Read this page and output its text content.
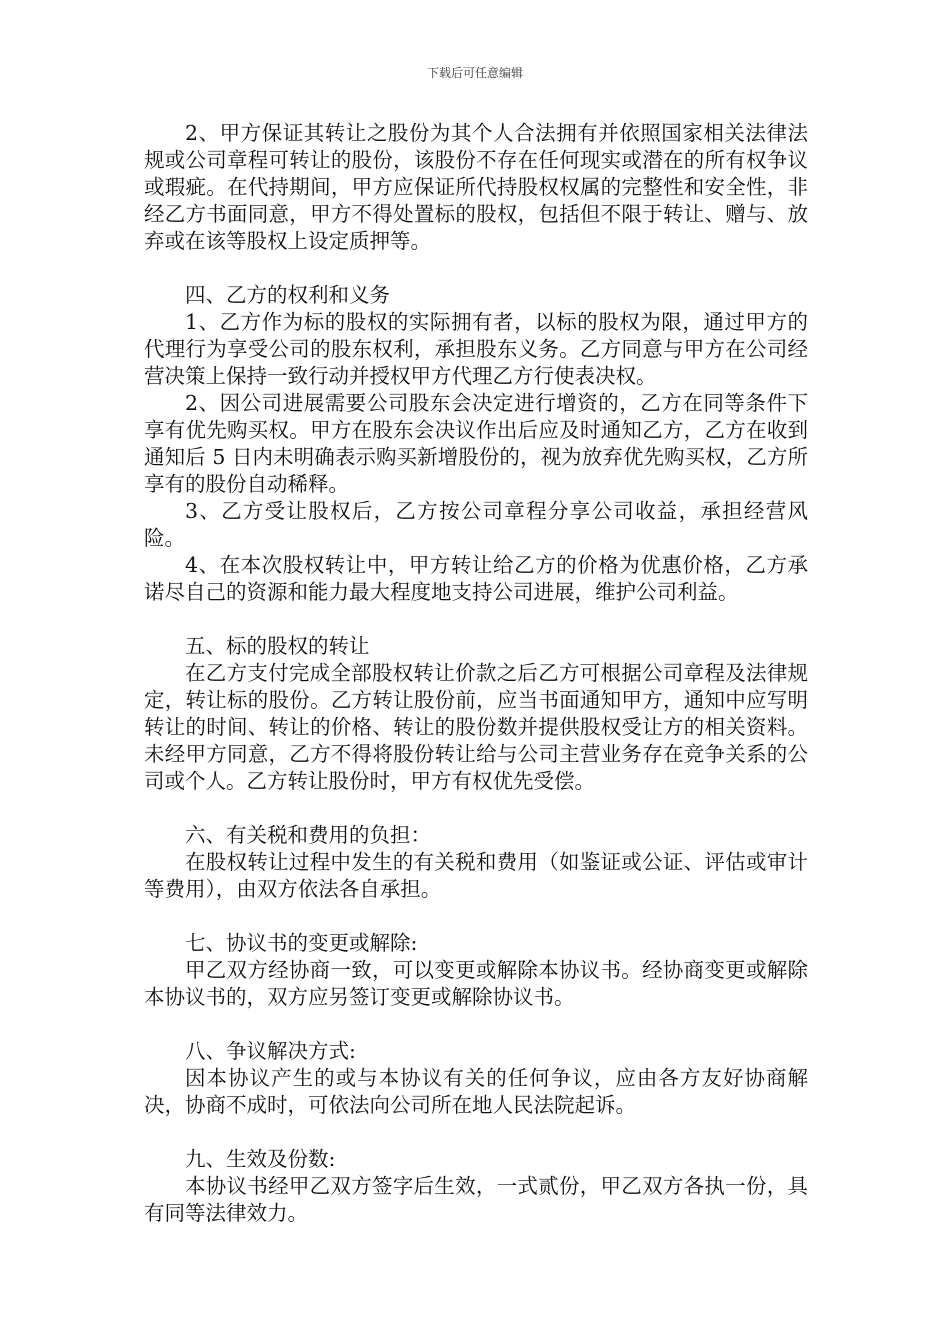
下载后可任意编辑

2、甲方保证其转让之股份为其个人合法拥有并依照国家相关法律法规或公司章程可转让的股份，该股份不存在任何现实或潜在的所有权争议或瑕疵。在代持期间，甲方应保证所代持股权权属的完整性和安全性，非经乙方书面同意，甲方不得处置标的股权，包括但不限于转让、赠与、放弃或在该等股权上设定质押等。

四、乙方的权利和义务

1、乙方作为标的股权的实际拥有者，以标的股权为限，通过甲方的代理行为享受公司的股东权利，承担股东义务。乙方同意与甲方在公司经营决策上保持一致行动并授权甲方代理乙方行使表决权。

2、因公司进展需要公司股东会决定进行增资的，乙方在同等条件下享有优先购买权。甲方在股东会决议作出后应及时通知乙方，乙方在收到通知后 5 日内未明确表示购买新增股份的，视为放弃优先购买权，乙方所享有的股份自动稀释。

3、乙方受让股权后，乙方按公司章程分享公司收益，承担经营风险。

4、在本次股权转让中，甲方转让给乙方的价格为优惠价格，乙方承诺尽自己的资源和能力最大程度地支持公司进展，维护公司利益。

五、标的股权的转让

在乙方支付完成全部股权转让价款之后乙方可根据公司章程及法律规定，转让标的股份。乙方转让股份前，应当书面通知甲方，通知中应写明转让的时间、转让的价格、转让的股份数并提供股权受让方的相关资料。未经甲方同意，乙方不得将股份转让给与公司主营业务存在竞争关系的公司或个人。乙方转让股份时，甲方有权优先受偿。

六、有关税和费用的负担：

在股权转让过程中发生的有关税和费用（如鉴证或公证、评估或审计等费用），由双方依法各自承担。

七、协议书的变更或解除:

甲乙双方经协商一致，可以变更或解除本协议书。经协商变更或解除本协议书的，双方应另签订变更或解除协议书。

八、争议解决方式:

因本协议产生的或与本协议有关的任何争议，应由各方友好协商解决，协商不成时，可依法向公司所在地人民法院起诉。

九、生效及份数:

本协议书经甲乙双方签字后生效，一式贰份，甲乙双方各执一份，具有同等法律效力。
